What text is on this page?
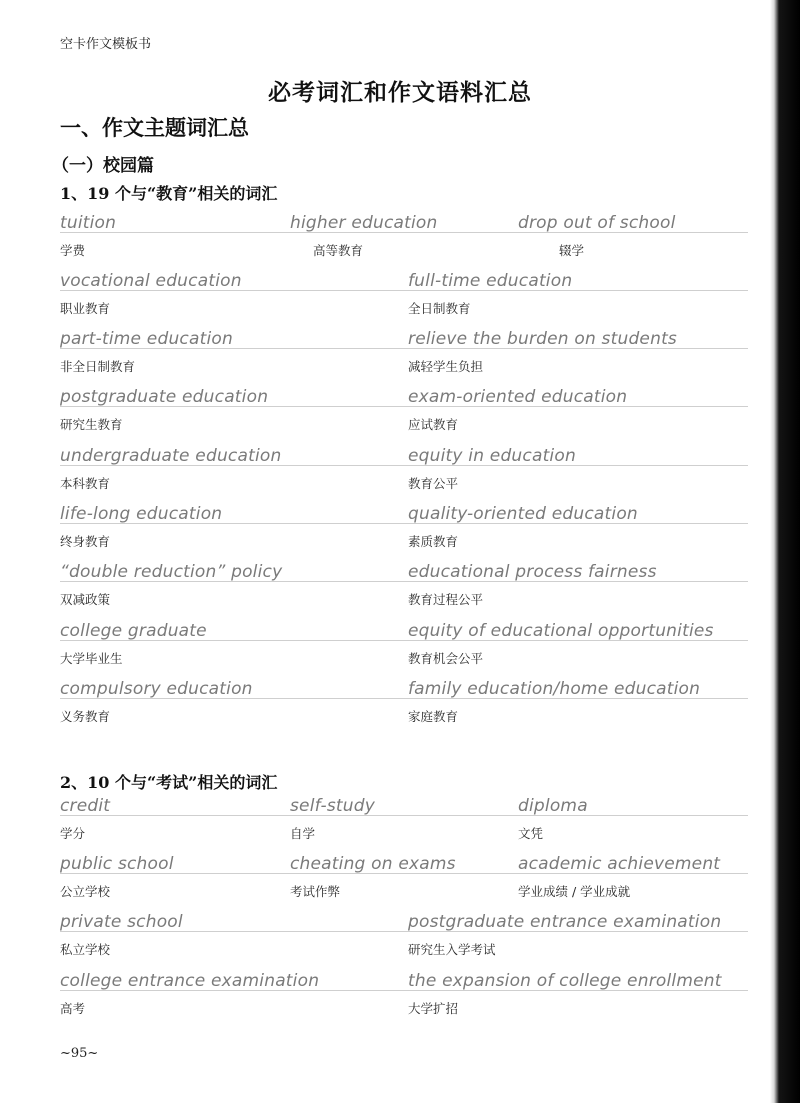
空卡作文模板书
必考词汇和作文语料汇总
一、作文主题词汇总
（一）校园篇
1、19 个与“教育”相关的词汇
tuition
学费
higher education
高等教育
drop out of school
辍学
vocational education
职业教育
full-time education
全日制教育
part-time education
非全日制教育
relieve the burden on students
减轻学生负担
postgraduate education
研究生教育
exam-oriented education
应试教育
undergraduate education
本科教育
equity in education
教育公平
life-long education
终身教育
quality-oriented education
素质教育
“double reduction” policy
双减政策
educational process fairness
教育过程公平
college graduate
大学毕业生
equity of educational opportunities
教育机会公平
compulsory education
义务教育
family education/home education
家庭教育
2、10 个与“考试”相关的词汇
credit
学分
self-study
自学
diploma
文凭
public school
公立学校
cheating on exams
考试作弊
academic achievement
学业成绩 / 学业成就
private school
私立学校
postgraduate entrance examination
研究生入学考试
college entrance examination
高考
the expansion of college enrollment
大学扩招
~95~
